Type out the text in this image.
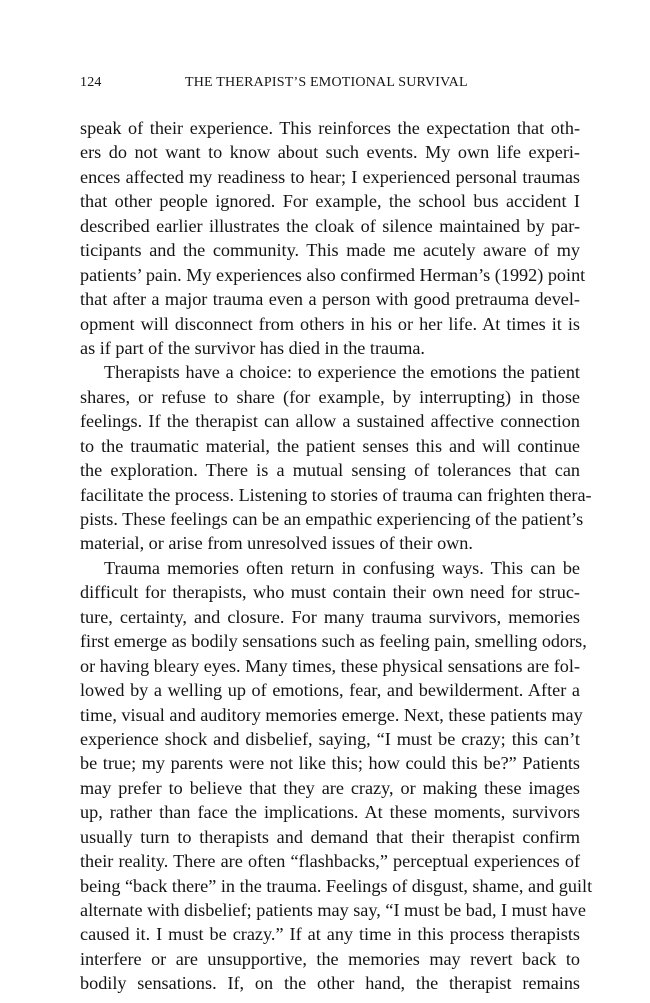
124	THE THERAPIST’S EMOTIONAL SURVIVAL
speak of their experience. This reinforces the expectation that oth-
ers do not want to know about such events. My own life experi-
ences affected my readiness to hear; I experienced personal traumas
that other people ignored. For example, the school bus accident I
described earlier illustrates the cloak of silence maintained by par-
ticipants and the community. This made me acutely aware of my
patients’ pain. My experiences also confirmed Herman’s (1992) point
that after a major trauma even a person with good pretrauma devel-
opment will disconnect from others in his or her life. At times it is
as if part of the survivor has died in the trauma.
Therapists have a choice: to experience the emotions the patient
shares, or refuse to share (for example, by interrupting) in those
feelings. If the therapist can allow a sustained affective connection
to the traumatic material, the patient senses this and will continue
the exploration. There is a mutual sensing of tolerances that can
facilitate the process. Listening to stories of trauma can frighten thera-
pists. These feelings can be an empathic experiencing of the patient’s
material, or arise from unresolved issues of their own.
Trauma memories often return in confusing ways. This can be
difficult for therapists, who must contain their own need for struc-
ture, certainty, and closure. For many trauma survivors, memories
first emerge as bodily sensations such as feeling pain, smelling odors,
or having bleary eyes. Many times, these physical sensations are fol-
lowed by a welling up of emotions, fear, and bewilderment. After a
time, visual and auditory memories emerge. Next, these patients may
experience shock and disbelief, saying, “I must be crazy; this can’t
be true; my parents were not like this; how could this be?” Patients
may prefer to believe that they are crazy, or making these images
up, rather than face the implications. At these moments, survivors
usually turn to therapists and demand that their therapist confirm
their reality. There are often “flashbacks,” perceptual experiences of
being “back there” in the trauma. Feelings of disgust, shame, and guilt
alternate with disbelief; patients may say, “I must be bad, I must have
caused it. I must be crazy.” If at any time in this process therapists
interfere or are unsupportive, the memories may revert back to
bodily sensations. If, on the other hand, the therapist remains
